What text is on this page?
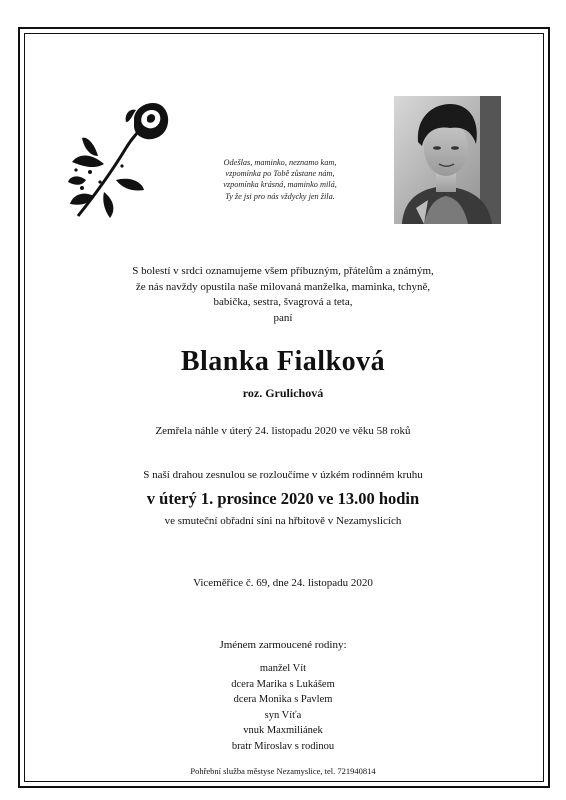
Odešlas, maminko, neznamo kam,
vzpomínka po Tobě zůstane nám,
vzpomínka krásná, maminko milá,
Ty že jsi pro nás vždycky jen žila.
S bolestí v srdci oznamujeme všem příbuzným, přátelům a známým,
že nás navždy opustila naše milovaná manželka, maminka, tchyně,
babička, sestra, švagrová a teta,
paní
Blanka Fialková
roz. Grulichová
Zemřela náhle v úterý 24. listopadu 2020 ve věku 58 roků
S naší drahou zesnulou se rozloučíme v úzkém rodinném kruhu
v úterý 1. prosince 2020 ve 13.00 hodin
ve smuteční obřadní síni na hřbitově v Nezamyslicích
Viceměřice č. 69, dne 24. listopadu 2020
Jménem zarmoucené rodiny:
manžel Vít
dcera Marika s Lukášem
dcera Monika s Pavlem
syn Víťa
vnuk Maxmiliánek
bratr Miroslav s rodinou
Pohřební služba městyse Nezamyslice, tel. 721940814
